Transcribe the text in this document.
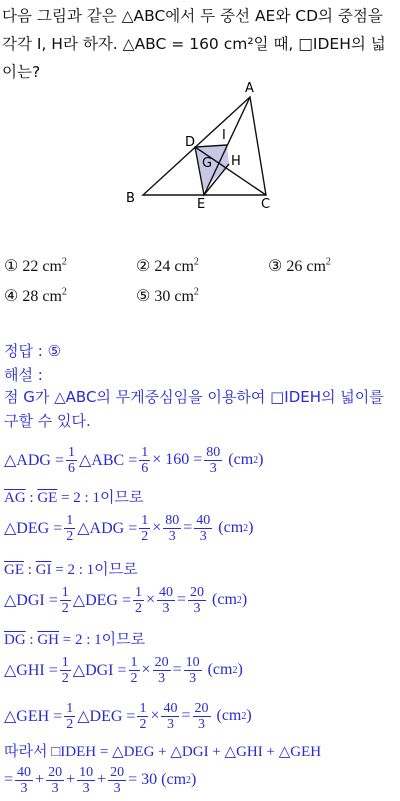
다음 그림과 같은 △ABC에서 두 중선 AE와 CD의 중점을 각각 I, H라 하자. △ABC = 160 cm²일 때, □IDEH의 넓이는?

A
B	C
D
E
G H
I
① 22 $cm^2$	② 24 $cm^2$	③ 26 $cm^2$
④ 28 $cm^2$	⑤ 30 $cm^2$
정답 : ⑤
해설 :
점 G가 △ABC의 무게중심임을 이용하여 □IDEH의 넓이를 구할 수 있다.
△ADG = $\frac{1}{6}$ △ABC = $\frac{1}{6} \times 160 = \frac{80}{3}$
(cm 2 )
$\overline{AG}$ : $\overline{GE} = 2$ : 1이므로
△DEG = $\frac{1}{2}$ △ADG = $\frac{1}{2} \times \frac{80}{3} = \frac{40}{3}$
(cm 2 )
$\overline{GE}$ : $\overline{GI} = 2$ : 1이므로
△DGI = $\frac{1}{2}$ △DEG = $\frac{1}{2} \times \frac{40}{3} = \frac{20}{3}$
(cm 2 )
$\overline{DG}$ : $\overline{GH} = 2$ : 1이므로
△GHI = $\frac{1}{2}$ △DGI = $\frac{1}{2} \times \frac{20}{3} = \frac{10}{3}$
(cm 2 )
△GEH = $\frac{1}{2}$ △DEG = $\frac{1}{2} \times \frac{40}{3} = \frac{20}{3}$
(cm 2 )
따라서 □IDEH = △DEG + △DGI + △GHI + △GEH
= $\frac{40}{3} + \frac{20}{3} + \frac{10}{3} + \frac{20}{3} = 30$ (cm 2 )
